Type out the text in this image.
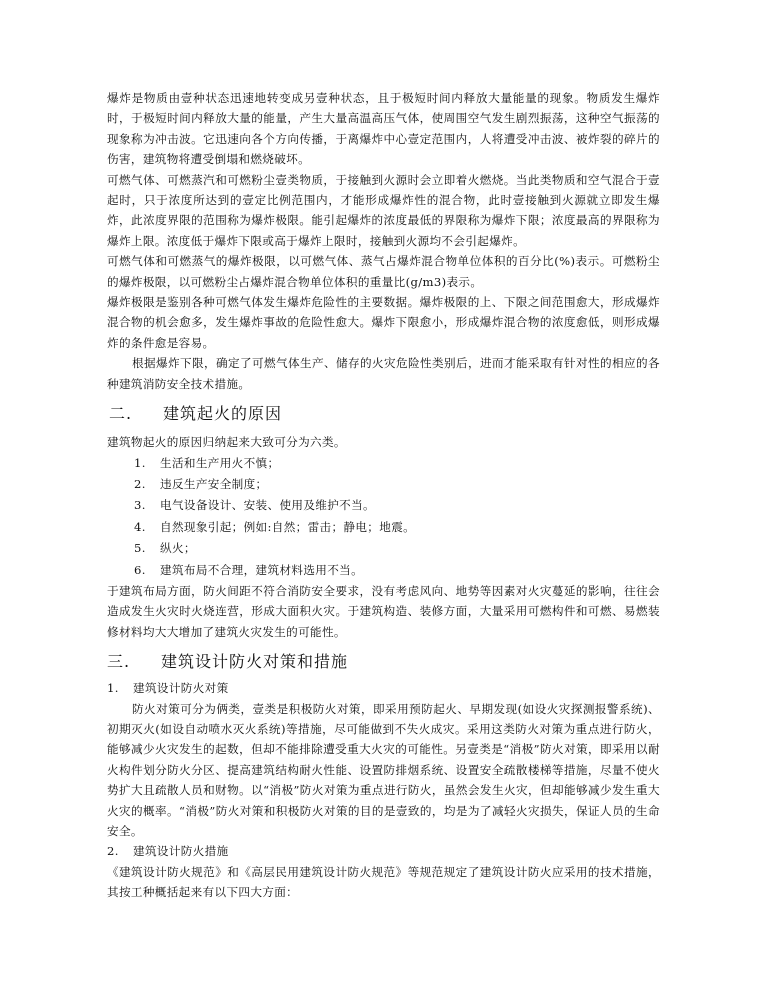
爆炸是物质由壹种状态迅速地转变成另壹种状态，且于极短时间内释放大量能量的现象。物质发生爆炸时，于极短时间内释放大量的能量，产生大量高温高压气体，使周围空气发生剧烈振荡，这种空气振荡的现象称为冲击波。它迅速向各个方向传播，于离爆炸中心壹定范围内，人将遭受冲击波、被炸裂的碎片的伤害，建筑物将遭受倒塌和燃烧破坏。

可燃气体、可燃蒸汽和可燃粉尘壹类物质，于接触到火源时会立即着火燃烧。当此类物质和空气混合于壹起时，只于浓度所达到的壹定比例范围内，才能形成爆炸性的混合物，此时壹接触到火源就立即发生爆炸，此浓度界限的范围称为爆炸极限。能引起爆炸的浓度最低的界限称为爆炸下限；浓度最高的界限称为爆炸上限。浓度低于爆炸下限或高于爆炸上限时，接触到火源均不会引起爆炸。

可燃气体和可燃蒸气的爆炸极限，以可燃气体、蒸气占爆炸混合物单位体积的百分比(%)表示。可燃粉尘的爆炸极限，以可燃粉尘占爆炸混合物单位体积的重量比(g/m3)表示。

爆炸极限是鉴别各种可燃气体发生爆炸危险性的主要数据。爆炸极限的上、下限之间范围愈大，形成爆炸混合物的机会愈多，发生爆炸事故的危险性愈大。爆炸下限愈小，形成爆炸混合物的浓度愈低，则形成爆炸的条件愈是容易。

根据爆炸下限，确定了可燃气体生产、储存的火灾危险性类别后，进而才能采取有针对性的相应的各种建筑消防安全技术措施。

二. 建筑起火的原因

建筑物起火的原因归纳起来大致可分为六类。

1. 生活和生产用火不慎；
2. 违反生产安全制度；
3. 电气设备设计、安装、使用及维护不当。
4. 自然现象引起；例如:自然；雷击；静电；地震。
5. 纵火；
6. 建筑布局不合理，建筑材料选用不当。

于建筑布局方面，防火间距不符合消防安全要求，没有考虑风向、地势等因素对火灾蔓延的影响，往往会造成发生火灾时火烧连营，形成大面积火灾。于建筑构造、装修方面，大量采用可燃构件和可燃、易燃装修材料均大大增加了建筑火灾发生的可能性。

三. 建筑设计防火对策和措施

1. 建筑设计防火对策

防火对策可分为俩类，壹类是积极防火对策，即采用预防起火、早期发现(如设火灾探测报警系统)、初期灭火(如设自动喷水灭火系统)等措施，尽可能做到不失火成灾。采用这类防火对策为重点进行防火，能够减少火灾发生的起数，但却不能排除遭受重大火灾的可能性。另壹类是“消极”防火对策，即采用以耐火构件划分防火分区、提高建筑结构耐火性能、设置防排烟系统、设置安全疏散楼梯等措施，尽量不使火势扩大且疏散人员和财物。以“消极”防火对策为重点进行防火，虽然会发生火灾，但却能够减少发生重大火灾的概率。“消极”防火对策和积极防火对策的目的是壹致的，均是为了减轻火灾损失，保证人员的生命安全。

2. 建筑设计防火措施

《建筑设计防火规范》和《高层民用建筑设计防火规范》等规范规定了建筑设计防火应采用的技术措施，其按工种概括起来有以下四大方面：
